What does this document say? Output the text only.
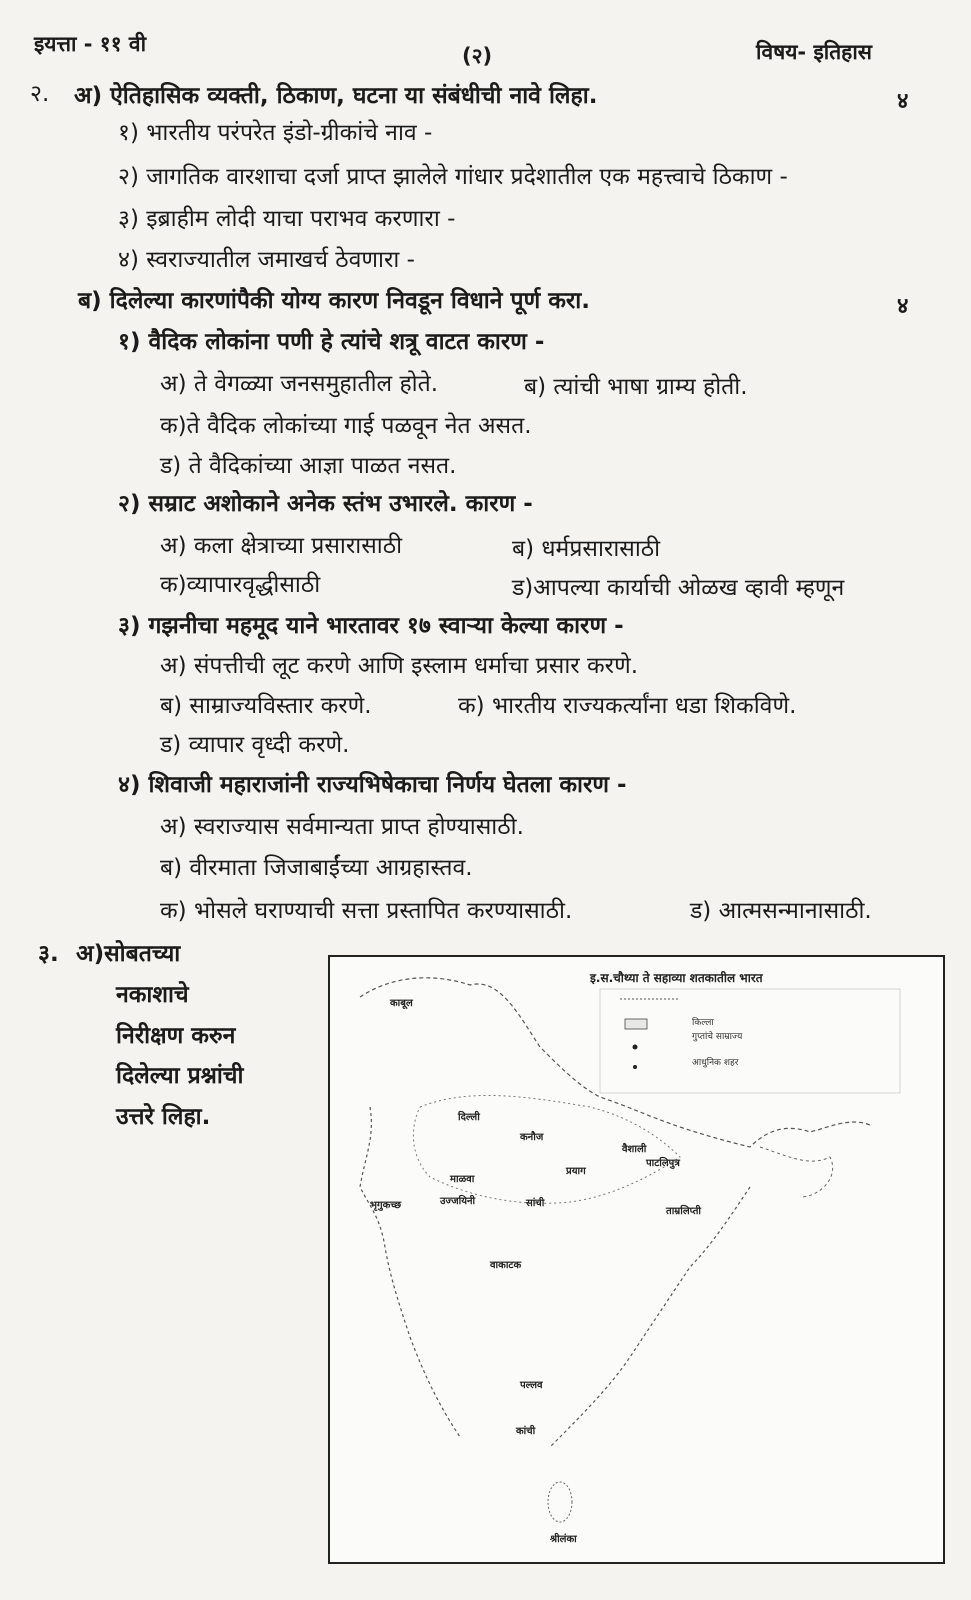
इयत्ता - ११ वी	(२)	विषय- इतिहास
२. अ) ऐतिहासिक व्यक्ती, ठिकाण, घटना या संबंधीची नावे लिहा.	४
१) भारतीय परंपरेत इंडो-ग्रीकांचे नाव -
२) जागतिक वारशाचा दर्जा प्राप्त झालेले गांधार प्रदेशातील एक महत्त्वाचे ठिकाण -
३) इब्राहीम लोदी याचा पराभव करणारा -
४) स्वराज्यातील जमाखर्च ठेवणारा -
ब) दिलेल्या कारणांपैकी योग्य कारण निवडून विधाने पूर्ण करा.	४
१) वैदिक लोकांना पणी हे त्यांचे शत्रू वाटत कारण -
अ) ते वेगळ्या जनसमुहातील होते.	ब) त्यांची भाषा ग्राम्य होती.
क)ते वैदिक लोकांच्या गाई पळवून नेत असत.
ड) ते वैदिकांच्या आज्ञा पाळत नसत.
२) सम्राट अशोकाने अनेक स्तंभ उभारले. कारण -
अ) कला क्षेत्राच्या प्रसारासाठी	ब) धर्मप्रसारासाठी
क)व्यापारवृद्धीसाठी	ड)आपल्या कार्याची ओळख व्हावी म्हणून
३) गझनीचा महमूद याने भारतावर १७ स्वाऱ्या केल्या कारण -
अ) संपत्तीची लूट करणे आणि इस्लाम धर्माचा प्रसार करणे.
ब) साम्राज्यविस्तार करणे.	क) भारतीय राज्यकर्त्यांना धडा शिकविणे.
ड) व्यापार वृध्दी करणे.
४) शिवाजी महाराजांनी राज्यभिषेकाचा निर्णय घेतला कारण -
अ) स्वराज्यास सर्वमान्यता प्राप्त होण्यासाठी.
ब) वीरमाता जिजाबाईंच्या आग्रहास्तव.
क) भोसले घराण्याची सत्ता प्रस्तापित करण्यासाठी.	ड) आत्मसन्मानासाठी.
३. अ)सोबतच्या
नकाशाचे
निरीक्षण करुन
दिलेल्या प्रश्नांची
उत्तरे लिहा.
इ.स.चौथ्या ते सहाव्या शतकातील भारत
गुप्तांचे साम्राज्य
किल्ला
आधुनिक शहर
काबूल
दिल्ली
कनौज
वैशाली
पाटलिपुत्र
प्रयाग
सांची
उज्जयिनी
माळवा
भृगुकच्छ
वाकाटक
पल्लव
कांची
ताम्रलिप्ती
श्रीलंका
